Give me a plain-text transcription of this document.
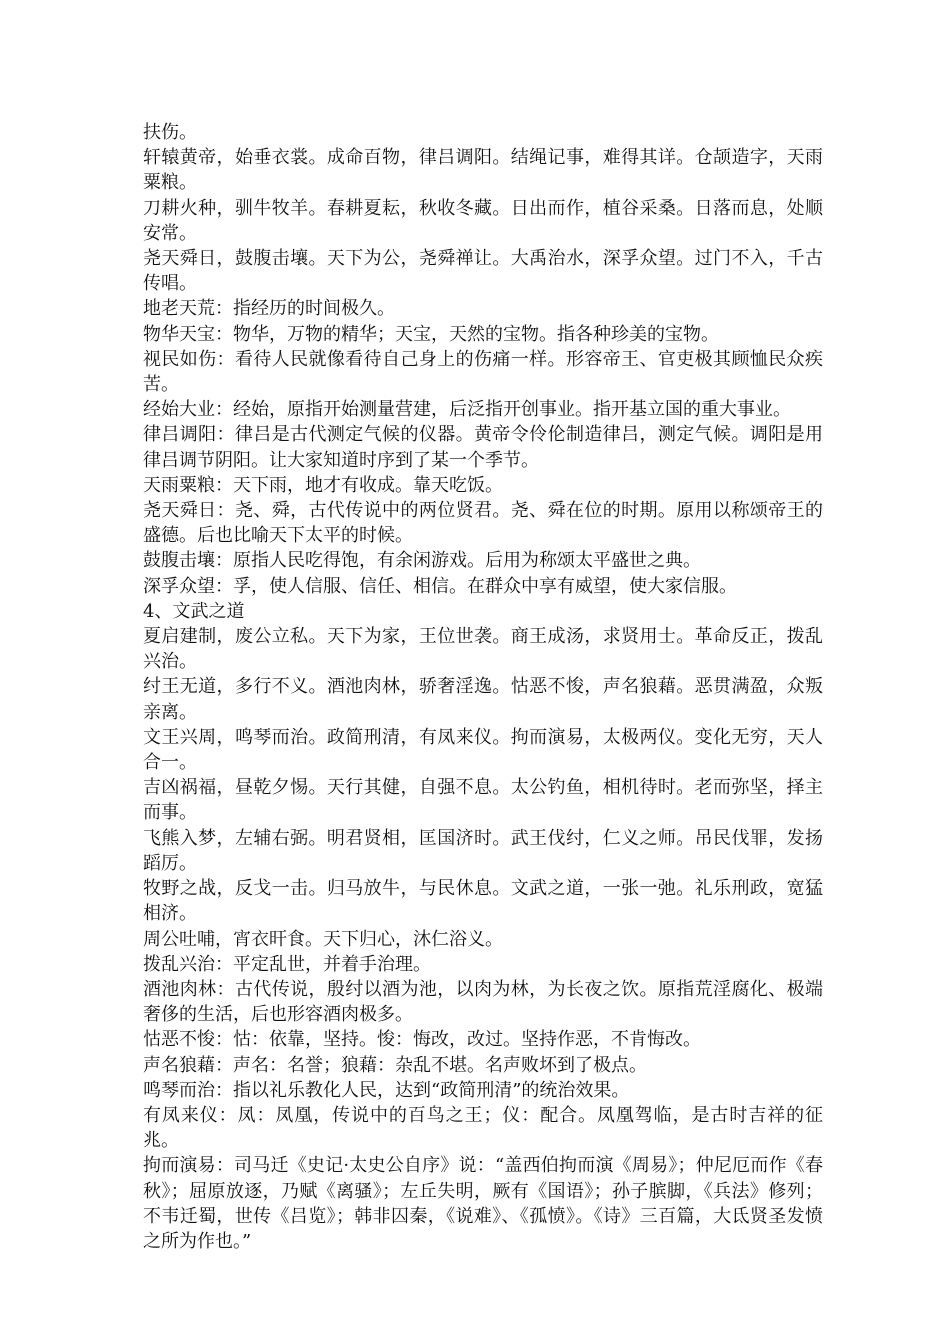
扶伤。

轩辕黄帝，始垂衣裳。成命百物，律吕调阳。结绳记事，难得其详。仓颉造字，天雨粟粮。

刀耕火种，驯牛牧羊。春耕夏耘，秋收冬藏。日出而作，植谷采桑。日落而息，处顺安常。

尧天舜日，鼓腹击壤。天下为公，尧舜禅让。大禹治水，深孚众望。过门不入，千古传唱。

地老天荒：指经历的时间极久。

物华天宝：物华，万物的精华；天宝，天然的宝物。指各种珍美的宝物。

视民如伤：看待人民就像看待自己身上的伤痛一样。形容帝王、官吏极其顾恤民众疾苦。

经始大业：经始，原指开始测量营建，后泛指开创事业。指开基立国的重大事业。

律吕调阳：律吕是古代测定气候的仪器。黄帝令伶伦制造律吕，测定气候。调阳是用律吕调节阴阳。让大家知道时序到了某一个季节。

天雨粟粮：天下雨，地才有收成。靠天吃饭。

尧天舜日：尧、舜，古代传说中的两位贤君。尧、舜在位的时期。原用以称颂帝王的盛德。后也比喻天下太平的时候。

鼓腹击壤：原指人民吃得饱，有余闲游戏。后用为称颂太平盛世之典。

深孚众望：孚，使人信服、信任、相信。在群众中享有威望，使大家信服。

4、文武之道

夏启建制，废公立私。天下为家，王位世袭。商王成汤，求贤用士。革命反正，拨乱兴治。

纣王无道，多行不义。酒池肉林，骄奢淫逸。怙恶不悛，声名狼藉。恶贯满盈，众叛亲离。

文王兴周，鸣琴而治。政简刑清，有凤来仪。拘而演易，太极两仪。变化无穷，天人合一。

吉凶祸福，昼乾夕惕。天行其健，自强不息。太公钓鱼，相机待时。老而弥坚，择主而事。

飞熊入梦，左辅右弼。明君贤相，匡国济时。武王伐纣，仁义之师。吊民伐罪，发扬蹈厉。

牧野之战，反戈一击。归马放牛，与民休息。文武之道，一张一弛。礼乐刑政，宽猛相济。

周公吐哺，宵衣旰食。天下归心，沐仁浴义。

拨乱兴治：平定乱世，并着手治理。

酒池肉林：古代传说，殷纣以酒为池，以肉为林，为长夜之饮。原指荒淫腐化、极端奢侈的生活，后也形容酒肉极多。

怙恶不悛：怙：依靠，坚持。悛：悔改，改过。坚持作恶，不肯悔改。

声名狼藉：声名：名誉；狼藉：杂乱不堪。名声败坏到了极点。

鸣琴而治：指以礼乐教化人民，达到“政简刑清”的统治效果。

有凤来仪：凤：凤凰，传说中的百鸟之王；仪：配合。凤凰驾临，是古时吉祥的征兆。

拘而演易：司马迁《史记·太史公自序》说：“盖西伯拘而演《周易》；仲尼厄而作《春秋》；屈原放逐，乃赋《离骚》；左丘失明，厥有《国语》；孙子膑脚，《兵法》修列；不韦迁蜀，世传《吕览》；韩非囚秦，《说难》、《孤愤》。《诗》三百篇，大氐贤圣发愤之所为作也。”
